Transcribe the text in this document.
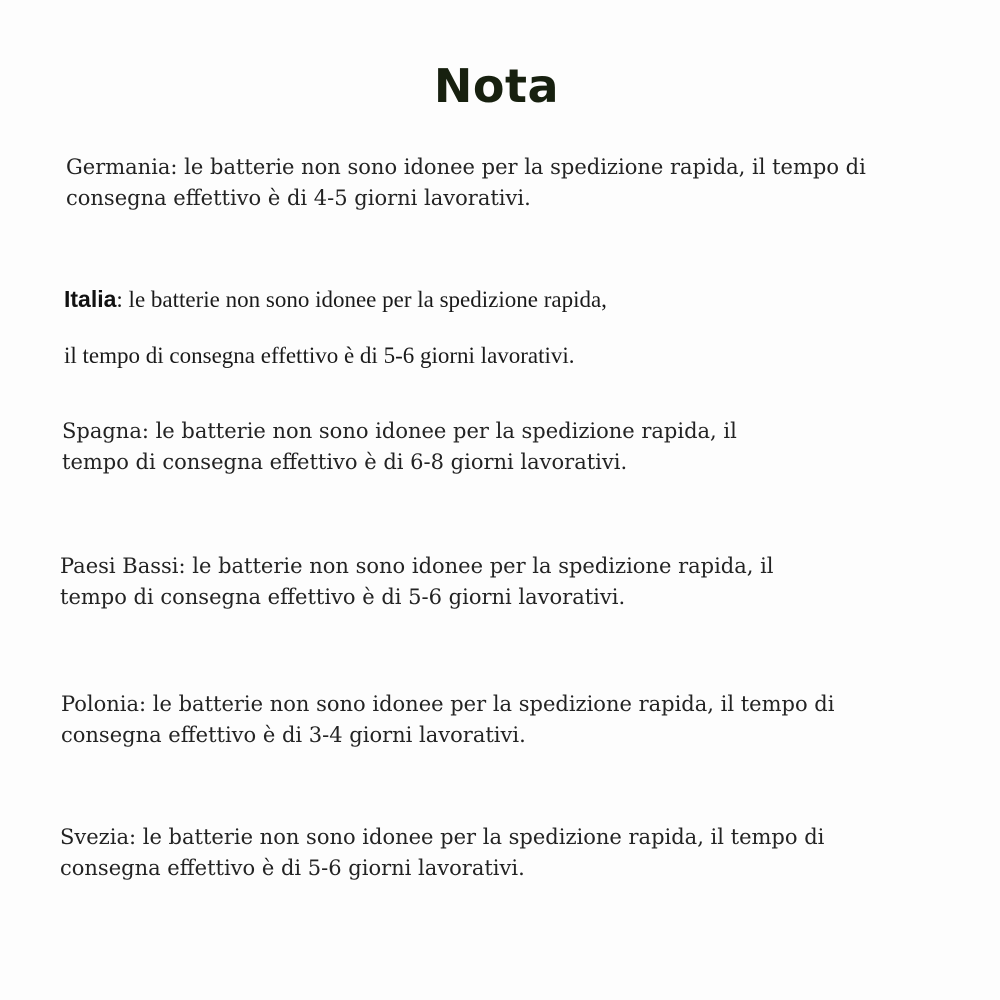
Nota
Germania: le batterie non sono idonee per la spedizione rapida, il tempo di
consegna effettivo è di 4-5 giorni lavorativi.
Italia: le batterie non sono idonee per la spedizione rapida,
il tempo di consegna effettivo è di 5-6 giorni lavorativi.
Spagna: le batterie non sono idonee per la spedizione rapida, il
tempo di consegna effettivo è di 6-8 giorni lavorativi.
Paesi Bassi: le batterie non sono idonee per la spedizione rapida, il
tempo di consegna effettivo è di 5-6 giorni lavorativi.
Polonia: le batterie non sono idonee per la spedizione rapida, il tempo di
consegna effettivo è di 3-4 giorni lavorativi.
Svezia: le batterie non sono idonee per la spedizione rapida, il tempo di
consegna effettivo è di 5-6 giorni lavorativi.
